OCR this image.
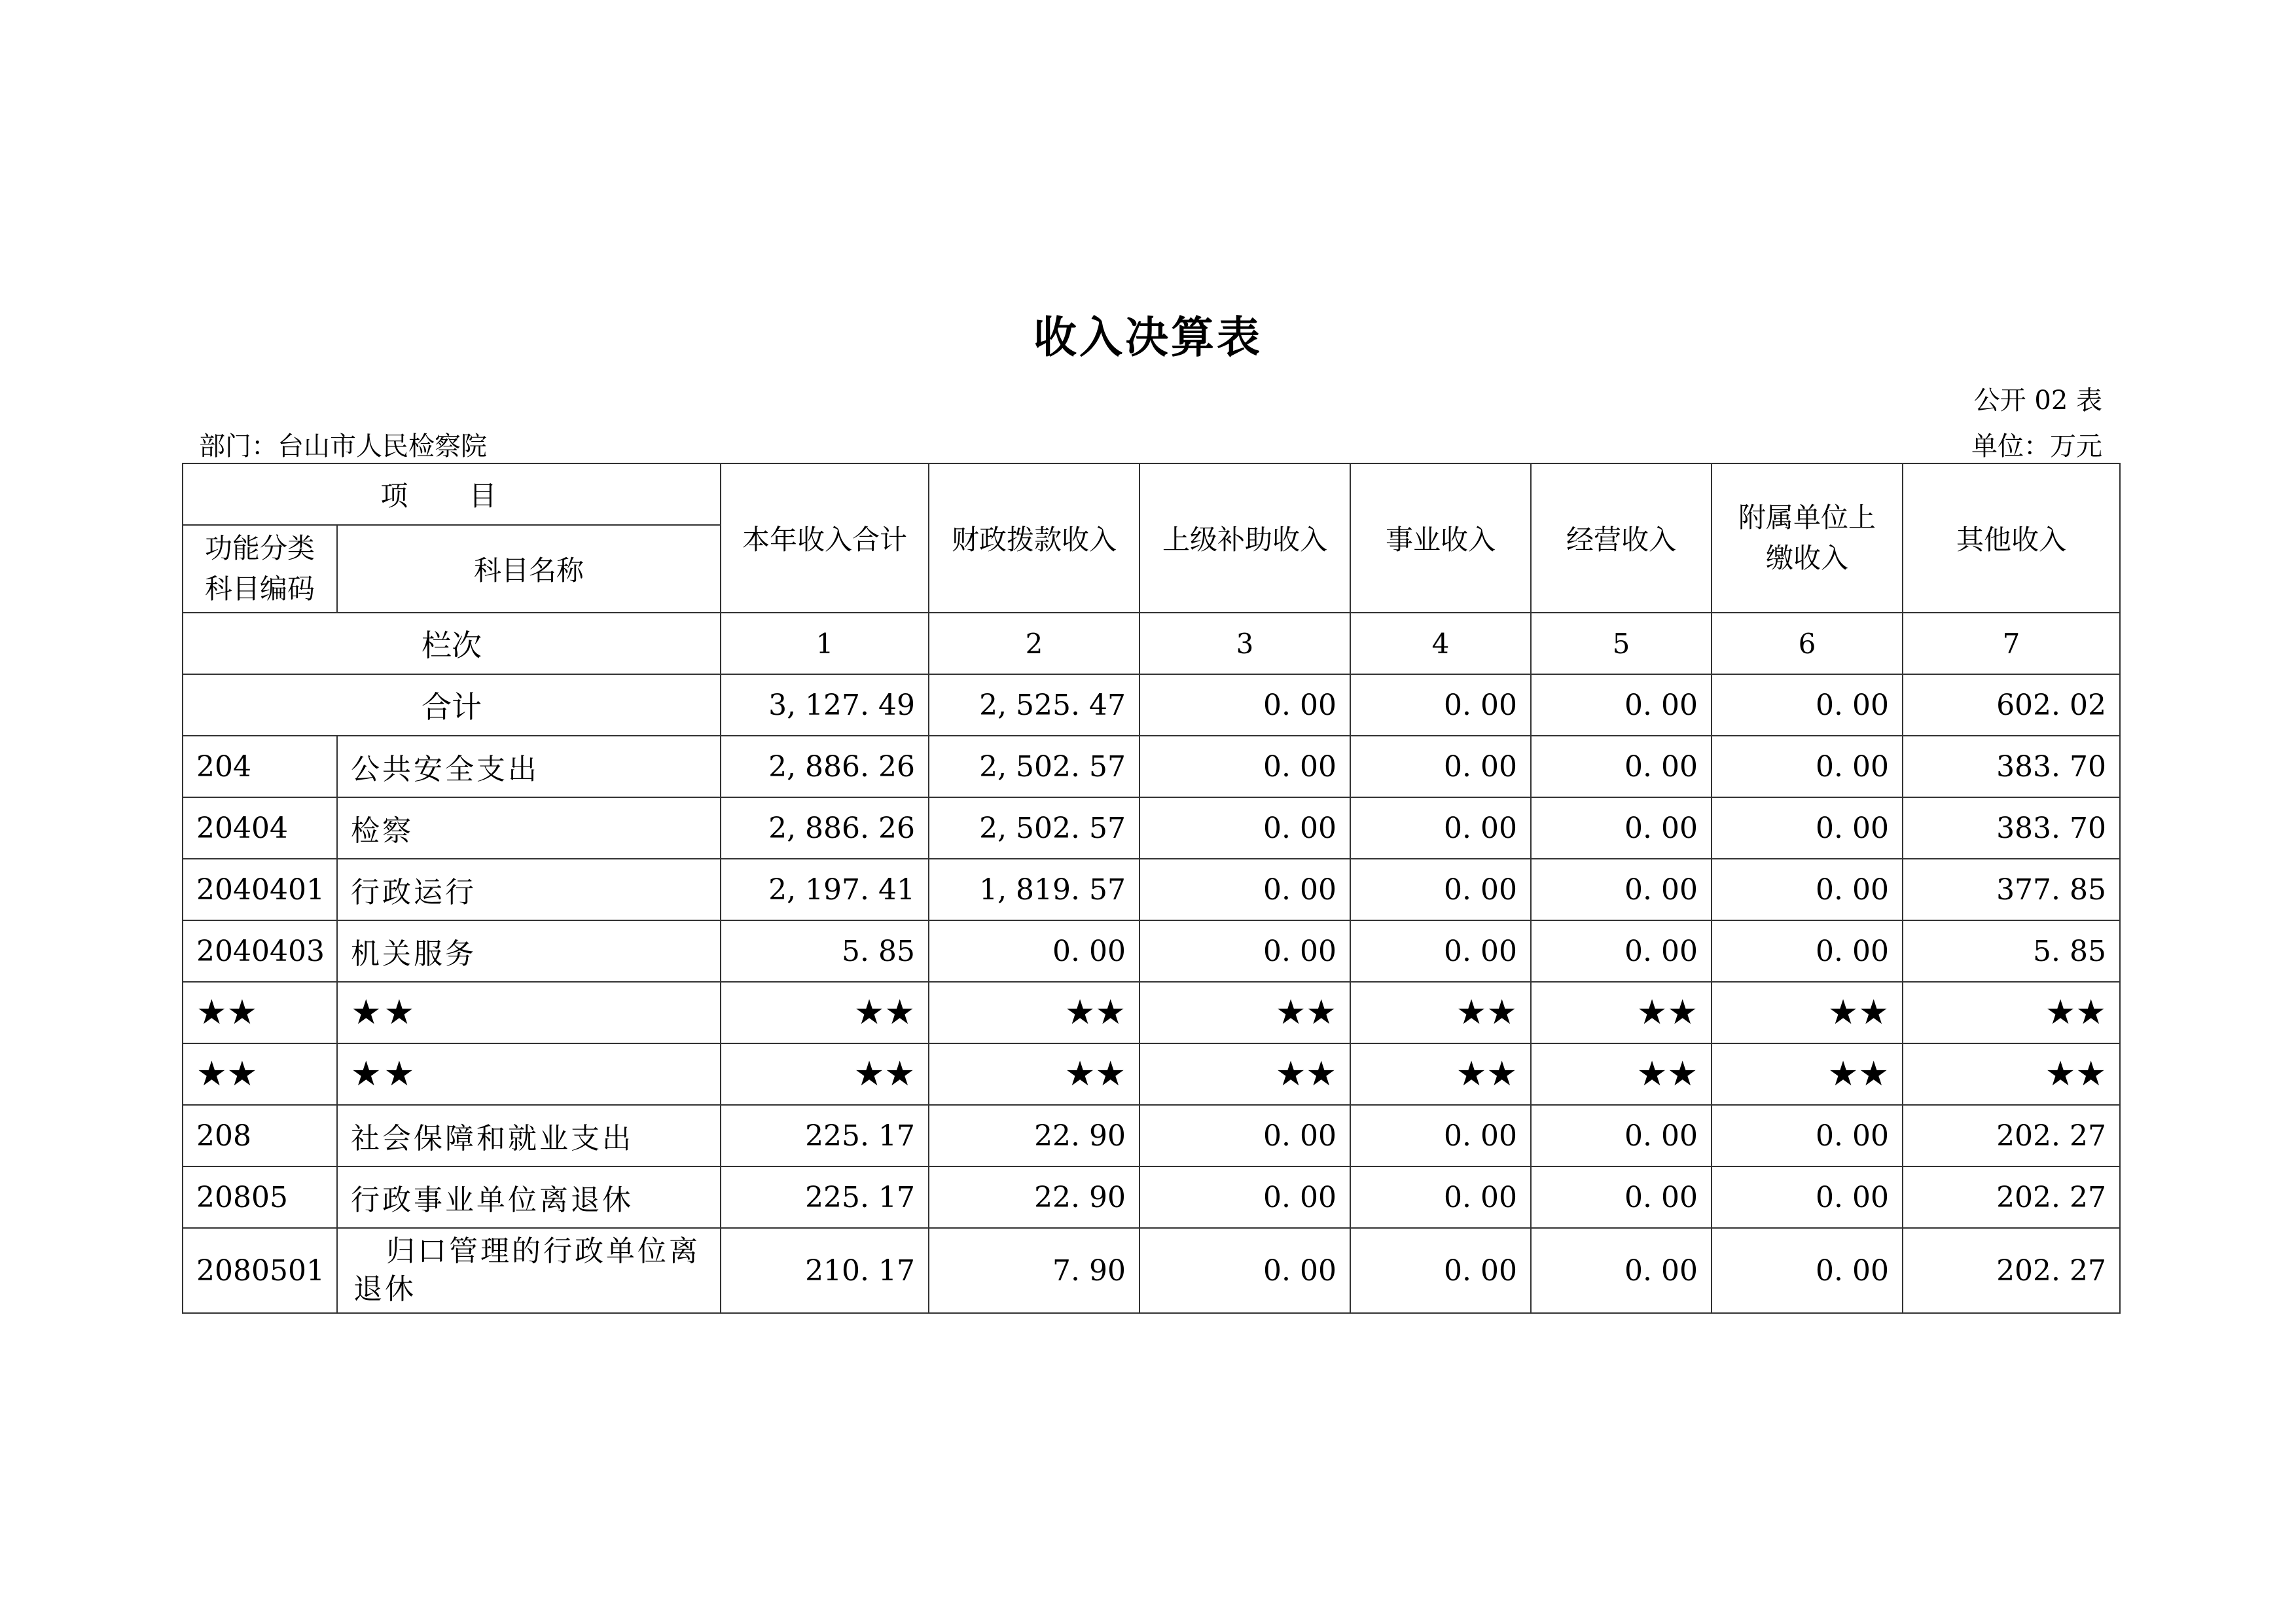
收入决算表
公开 02 表
部门：台山市人民检察院	单位：万元
项 目		本年收入合计	财政拨款收入	上级补助收入	事业收入	经营收入	附属单位上缴收入	其他收入
功能分类科目编码	科目名称							
栏次		1	2	3	4	5	6	7
合计		3, 127. 49	2, 525. 47	0. 00	0. 00	0. 00	0. 00	602. 02
204	公共安全支出	2, 886. 26	2, 502. 57	0. 00	0. 00	0. 00	0. 00	383. 70
20404	检察	2, 886. 26	2, 502. 57	0. 00	0. 00	0. 00	0. 00	383. 70
2040401	行政运行	2, 197. 41	1, 819. 57	0. 00	0. 00	0. 00	0. 00	377. 85
2040403	机关服务	5. 85	0. 00	0. 00	0. 00	0. 00	0. 00	5. 85
★★	★★	★★	★★	★★	★★	★★	★★	★★
★★	★★	★★	★★	★★	★★	★★	★★	★★
208	社会保障和就业支出	225. 17	22. 90	0. 00	0. 00	0. 00	0. 00	202. 27
20805	行政事业单位离退休	225. 17	22. 90	0. 00	0. 00	0. 00	0. 00	202. 27
2080501	归口管理的行政单位离退休	210. 17	7. 90	0. 00	0. 00	0. 00	0. 00	202. 27
